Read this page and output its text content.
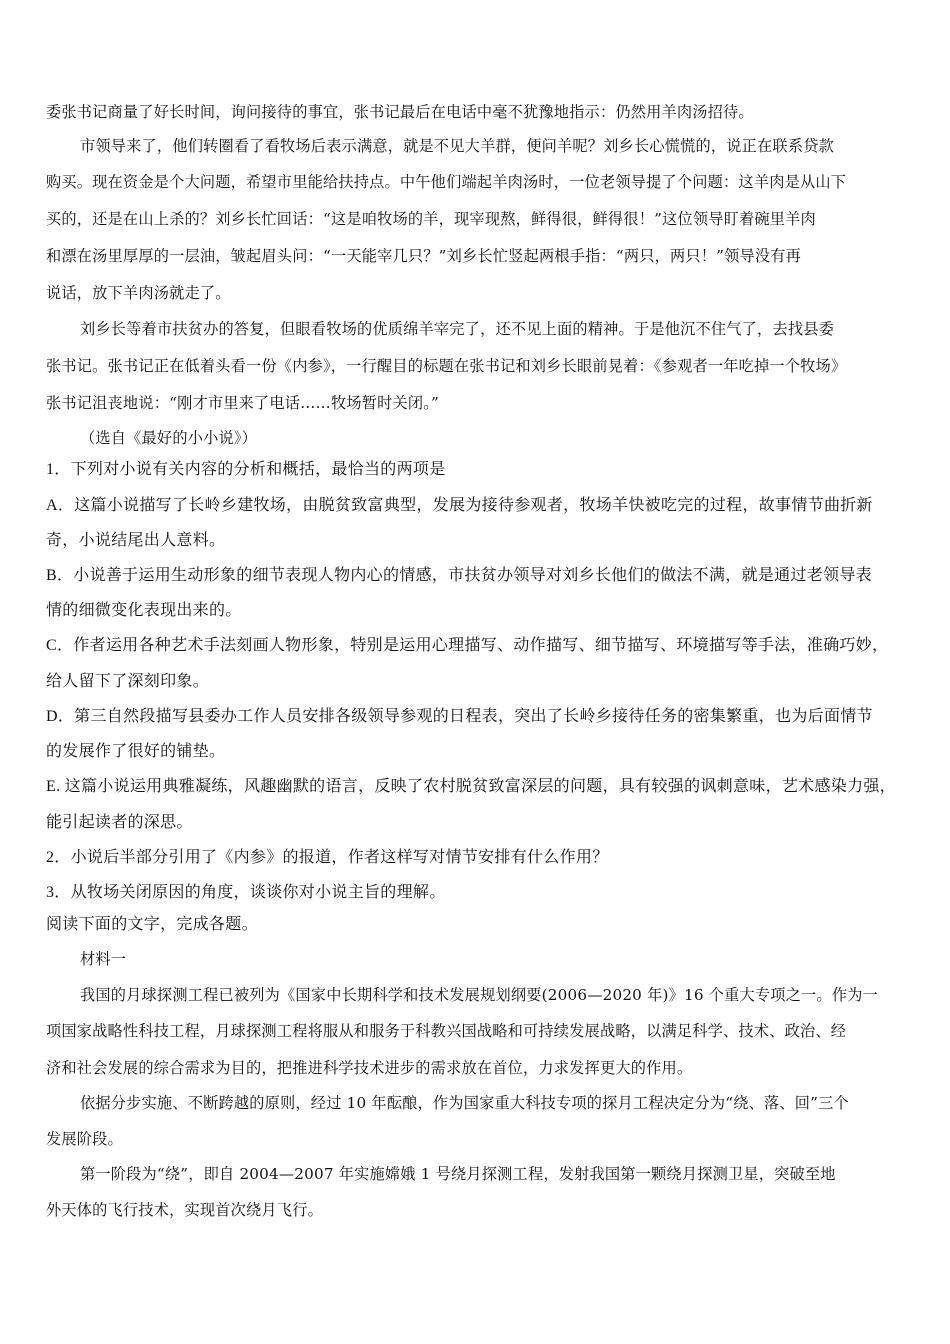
委张书记商量了好长时间，询问接待的事宜，张书记最后在电话中毫不犹豫地指示：仍然用羊肉汤招待。
市领导来了，他们转圈看了看牧场后表示满意，就是不见大羊群，便问羊呢？刘乡长心慌慌的，说正在联系贷款
购买。现在资金是个大问题，希望市里能给扶持点。中午他们端起羊肉汤时，一位老领导提了个问题：这羊肉是从山下
买的，还是在山上杀的？刘乡长忙回话：“这是咱牧场的羊，现宰现熬，鲜得很，鲜得很！”这位领导盯着碗里羊肉
和漂在汤里厚厚的一层油，皱起眉头问：“一天能宰几只？”刘乡长忙竖起两根手指：“两只，两只！”领导没有再
说话，放下羊肉汤就走了。
刘乡长等着市扶贫办的答复，但眼看牧场的优质绵羊宰完了，还不见上面的精神。于是他沉不住气了，去找县委
张书记。张书记正在低着头看一份《内参》，一行醒目的标题在张书记和刘乡长眼前晃着：《参观者一年吃掉一个牧场》
张书记沮丧地说：“刚才市里来了电话……牧场暂时关闭。”
（选自《最好的小小说》）
1．下列对小说有关内容的分析和概括，最恰当的两项是
A．这篇小说描写了长岭乡建牧场，由脱贫致富典型，发展为接待参观者，牧场羊快被吃完的过程，故事情节曲折新
奇，小说结尾出人意料。
B．小说善于运用生动形象的细节表现人物内心的情感，市扶贫办领导对刘乡长他们的做法不满，就是通过老领导表
情的细微变化表现出来的。
C．作者运用各种艺术手法刻画人物形象，特别是运用心理描写、动作描写、细节描写、环境描写等手法，准确巧妙，
给人留下了深刻印象。
D．第三自然段描写县委办工作人员安排各级领导参观的日程表，突出了长岭乡接待任务的密集繁重，也为后面情节
的发展作了很好的铺垫。
E. 这篇小说运用典雅凝练，风趣幽默的语言，反映了农村脱贫致富深层的问题，具有较强的讽刺意味，艺术感染力强，
能引起读者的深思。
2．小说后半部分引用了《内参》的报道，作者这样写对情节安排有什么作用？
3．从牧场关闭原因的角度，谈谈你对小说主旨的理解。
阅读下面的文字，完成各题。
材料一
我国的月球探测工程已被列为《国家中长期科学和技术发展规划纲要(2006—2020 年)》16 个重大专项之一。作为一
项国家战略性科技工程，月球探测工程将服从和服务于科教兴国战略和可持续发展战略，以满足科学、技术、政治、经
济和社会发展的综合需求为目的，把推进科学技术进步的需求放在首位，力求发挥更大的作用。
依据分步实施、不断跨越的原则，经过 10 年酝酿，作为国家重大科技专项的探月工程决定分为“绕、落、回”三个
发展阶段。
第一阶段为“绕”，即自 2004—2007 年实施嫦娥 1 号绕月探测工程，发射我国第一颗绕月探测卫星，突破至地
外天体的飞行技术，实现首次绕月飞行。
